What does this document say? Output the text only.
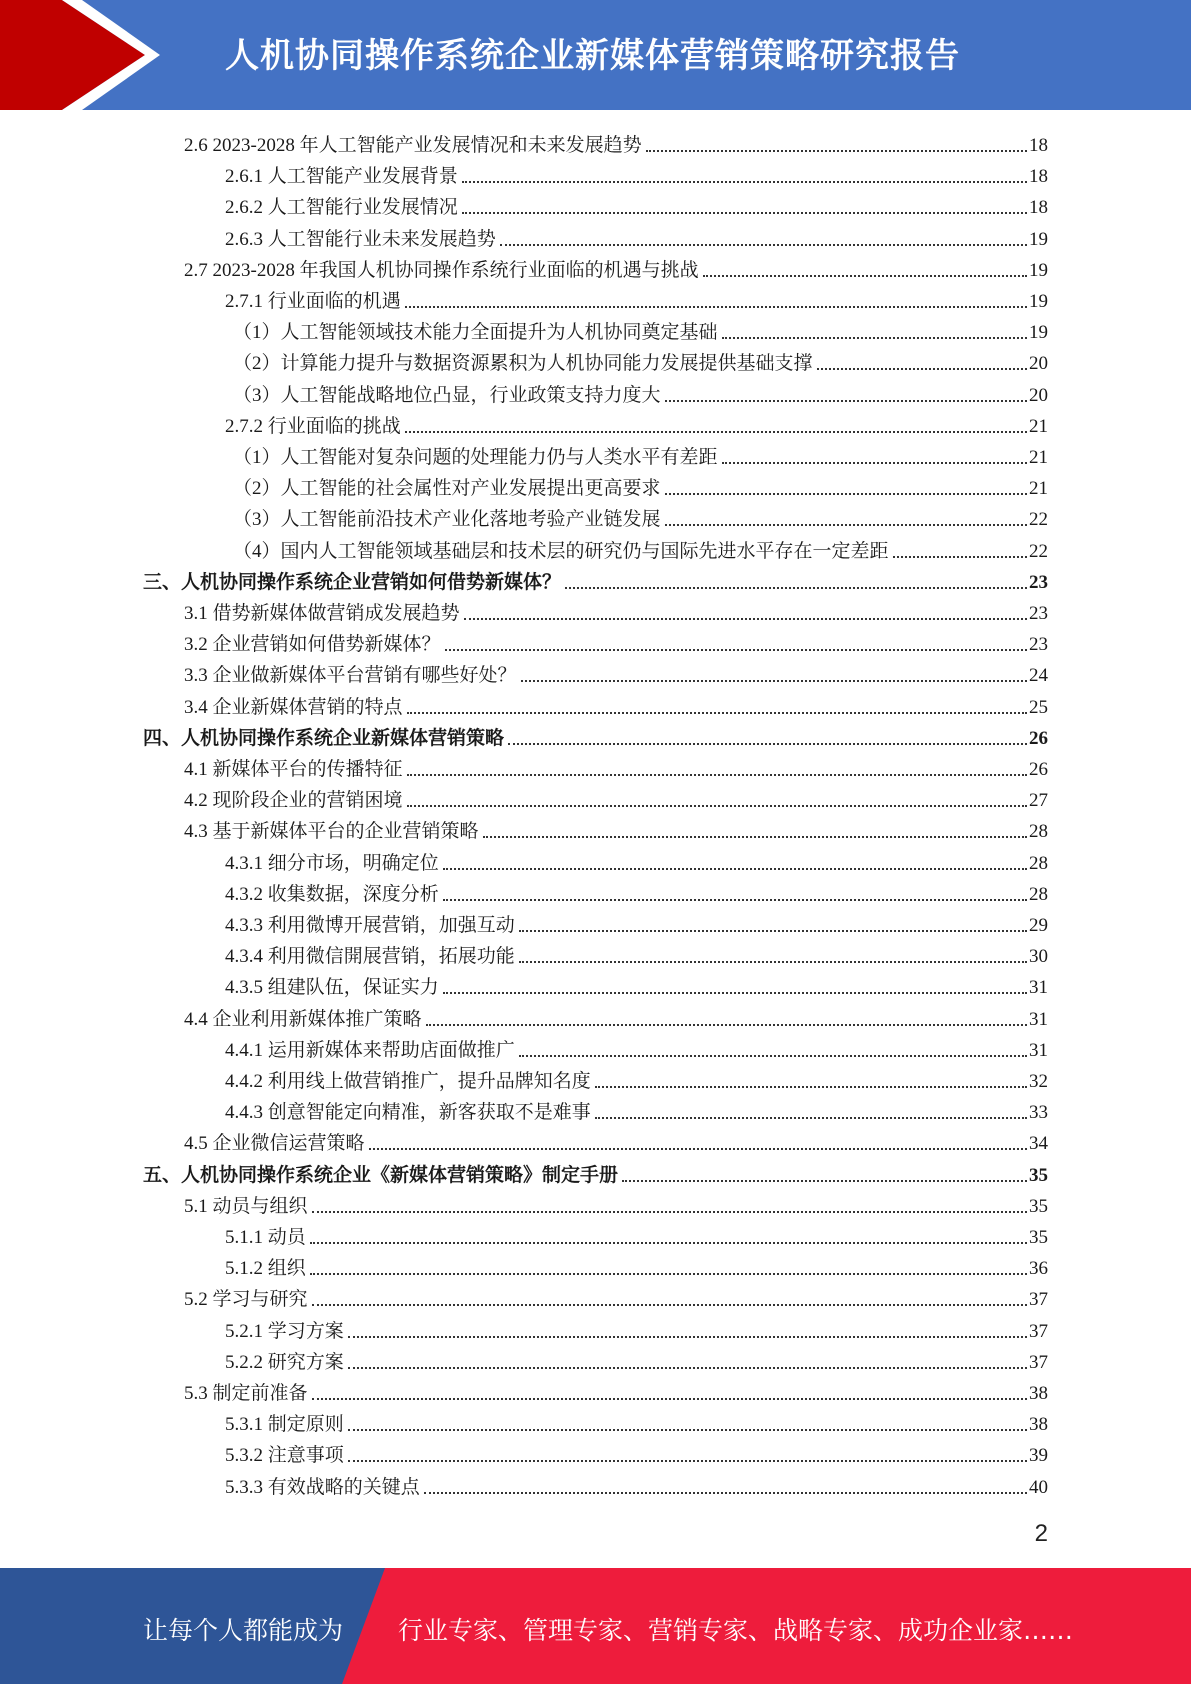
人机协同操作系统企业新媒体营销策略研究报告
2.6 2023-2028 年人工智能产业发展情况和未来发展趋势	18
2.6.1 人工智能产业发展背景	18
2.6.2 人工智能行业发展情况	18
2.6.3 人工智能行业未来发展趋势	19
2.7 2023-2028 年我国人机协同操作系统行业面临的机遇与挑战	19
2.7.1 行业面临的机遇	19
（1）人工智能领域技术能力全面提升为人机协同奠定基础	19
（2）计算能力提升与数据资源累积为人机协同能力发展提供基础支撑	20
（3）人工智能战略地位凸显，行业政策支持力度大	20
2.7.2 行业面临的挑战	21
（1）人工智能对复杂问题的处理能力仍与人类水平有差距	21
（2）人工智能的社会属性对产业发展提出更高要求	21
（3）人工智能前沿技术产业化落地考验产业链发展	22
（4）国内人工智能领域基础层和技术层的研究仍与国际先进水平存在一定差距	22
三、人机协同操作系统企业营销如何借势新媒体？	23
3.1 借势新媒体做营销成发展趋势	23
3.2 企业营销如何借势新媒体？	23
3.3 企业做新媒体平台营销有哪些好处？	24
3.4 企业新媒体营销的特点	25
四、人机协同操作系统企业新媒体营销策略	26
4.1 新媒体平台的传播特征	26
4.2 现阶段企业的营销困境	27
4.3 基于新媒体平台的企业营销策略	28
4.3.1 细分市场，明确定位	28
4.3.2 收集数据，深度分析	28
4.3.3 利用微博开展营销，加强互动	29
4.3.4 利用微信開展营销，拓展功能	30
4.3.5 组建队伍，保证实力	31
4.4 企业利用新媒体推广策略	31
4.4.1 运用新媒体来帮助店面做推广	31
4.4.2 利用线上做营销推广，提升品牌知名度	32
4.4.3 创意智能定向精准，新客获取不是难事	33
4.5 企业微信运营策略	34
五、人机协同操作系统企业《新媒体营销策略》制定手册	35
5.1 动员与组织	35
5.1.1 动员	35
5.1.2 组织	36
5.2 学习与研究	37
5.2.1 学习方案	37
5.2.2 研究方案	37
5.3 制定前准备	38
5.3.1 制定原则	38
5.3.2 注意事项	39
5.3.3 有效战略的关键点	40
2
让每个人都能成为 行业专家、管理专家、营销专家、战略专家、成功企业家……
